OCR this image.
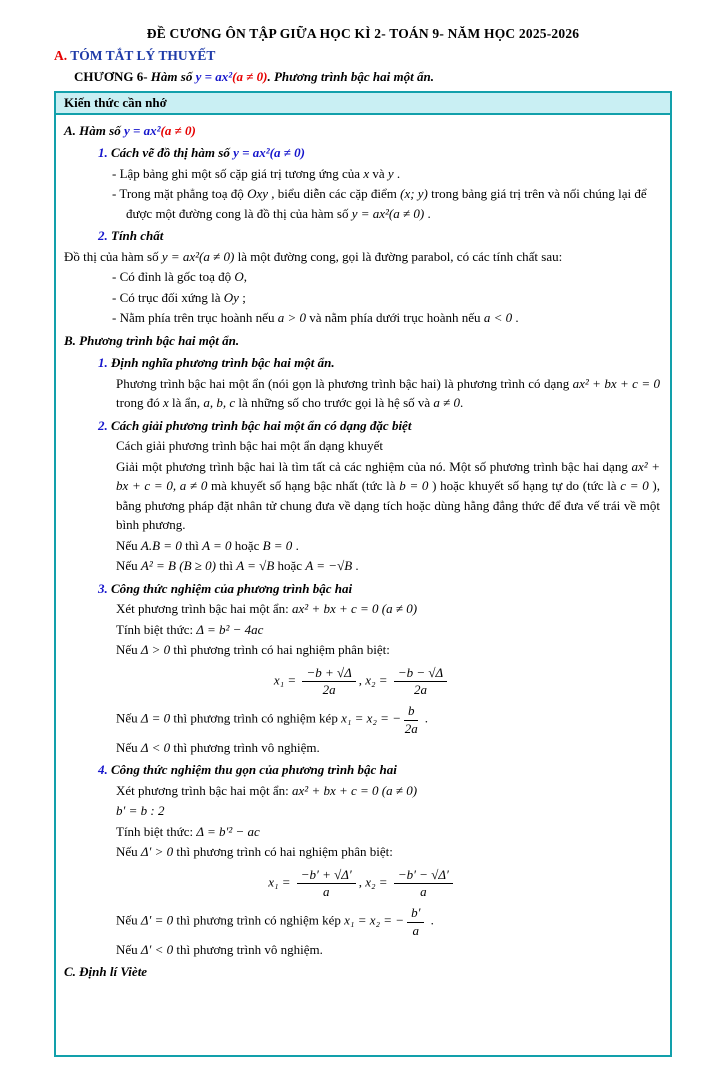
ĐỀ CƯƠNG ÔN TẬP GIỮA HỌC KÌ 2- TOÁN 9- NĂM HỌC 2025-2026
A. TÓM TẮT LÝ THUYẾT
CHƯƠNG 6- Hàm số y = ax²(a ≠ 0). Phương trình bậc hai một ẩn.
Kiến thức cần nhớ
A. Hàm số y = ax²(a ≠ 0)
1. Cách vẽ đồ thị hàm số y = ax²(a ≠ 0)
- Lập bảng ghi một số cặp giá trị tương ứng của x và y .
- Trong mặt phẳng toạ độ Oxy , biểu diễn các cặp điểm (x; y) trong bảng giá trị trên và nối chúng lại để được một đường cong là đồ thị của hàm số y = ax²(a ≠ 0) .
2. Tính chất
Đồ thị của hàm số y = ax²(a ≠ 0) là một đường cong, gọi là đường parabol, có các tính chất sau:
- Có đỉnh là gốc toạ độ O,
- Có trục đối xứng là Oy ;
- Nằm phía trên trục hoành nếu a > 0 và nằm phía dưới trục hoành nếu a < 0 .
B. Phương trình bậc hai một ẩn.
1. Định nghĩa phương trình bậc hai một ẩn.
Phương trình bậc hai một ẩn (nói gọn là phương trình bậc hai) là phương trình có dạng ax² + bx + c = 0 trong đó x là ẩn, a, b, c là những số cho trước gọi là hệ số và a ≠ 0.
2. Cách giải phương trình bậc hai một ẩn có dạng đặc biệt
Cách giải phương trình bậc hai một ẩn dạng khuyết
Giải một phương trình bậc hai là tìm tất cả các nghiệm của nó. Một số phương trình bậc hai dạng ax² + bx + c = 0, a ≠ 0 mà khuyết số hạng bậc nhất (tức là b = 0 ) hoặc khuyết số hạng tự do (tức là c = 0 ), bằng phương pháp đặt nhân tử chung đưa về dạng tích hoặc dùng hằng đẳng thức để đưa vế trái về một bình phương.
Nếu A.B = 0 thì A = 0 hoặc B = 0 .
Nếu A² = B (B ≥ 0) thì A = √B hoặc A = −√B .
3. Công thức nghiệm của phương trình bậc hai
Xét phương trình bậc hai một ẩn: ax² + bx + c = 0 (a ≠ 0)
Tính biệt thức: Δ = b² − 4ac
Nếu Δ > 0 thì phương trình có hai nghiệm phân biệt:
$x_1 = \frac{-b + √\Delta}{2a}$ , $x_2 = \frac{-b - √\Delta}{2a}$
Nếu Δ = 0 thì phương trình có nghiệm kép x₁ = x₂ = − $\frac{b}{2a}$ .
Nếu Δ < 0 thì phương trình vô nghiệm.
4. Công thức nghiệm thu gọn của phương trình bậc hai
Xét phương trình bậc hai một ẩn: ax² + bx + c = 0 (a ≠ 0)
b′ = b : 2
Tính biệt thức: Δ = b′² − ac
Nếu Δ′ > 0 thì phương trình có hai nghiệm phân biệt:
$x_1 = \frac{-b' + √\Delta'}{a}$ , $x_2 = \frac{-b' - √\Delta'}{a}$
Nếu Δ′ = 0 thì phương trình có nghiệm kép x₁ = x₂ = − $\frac{b'}{a}$ .
Nếu Δ′ < 0 thì phương trình vô nghiệm.
C. Định lí Viète
